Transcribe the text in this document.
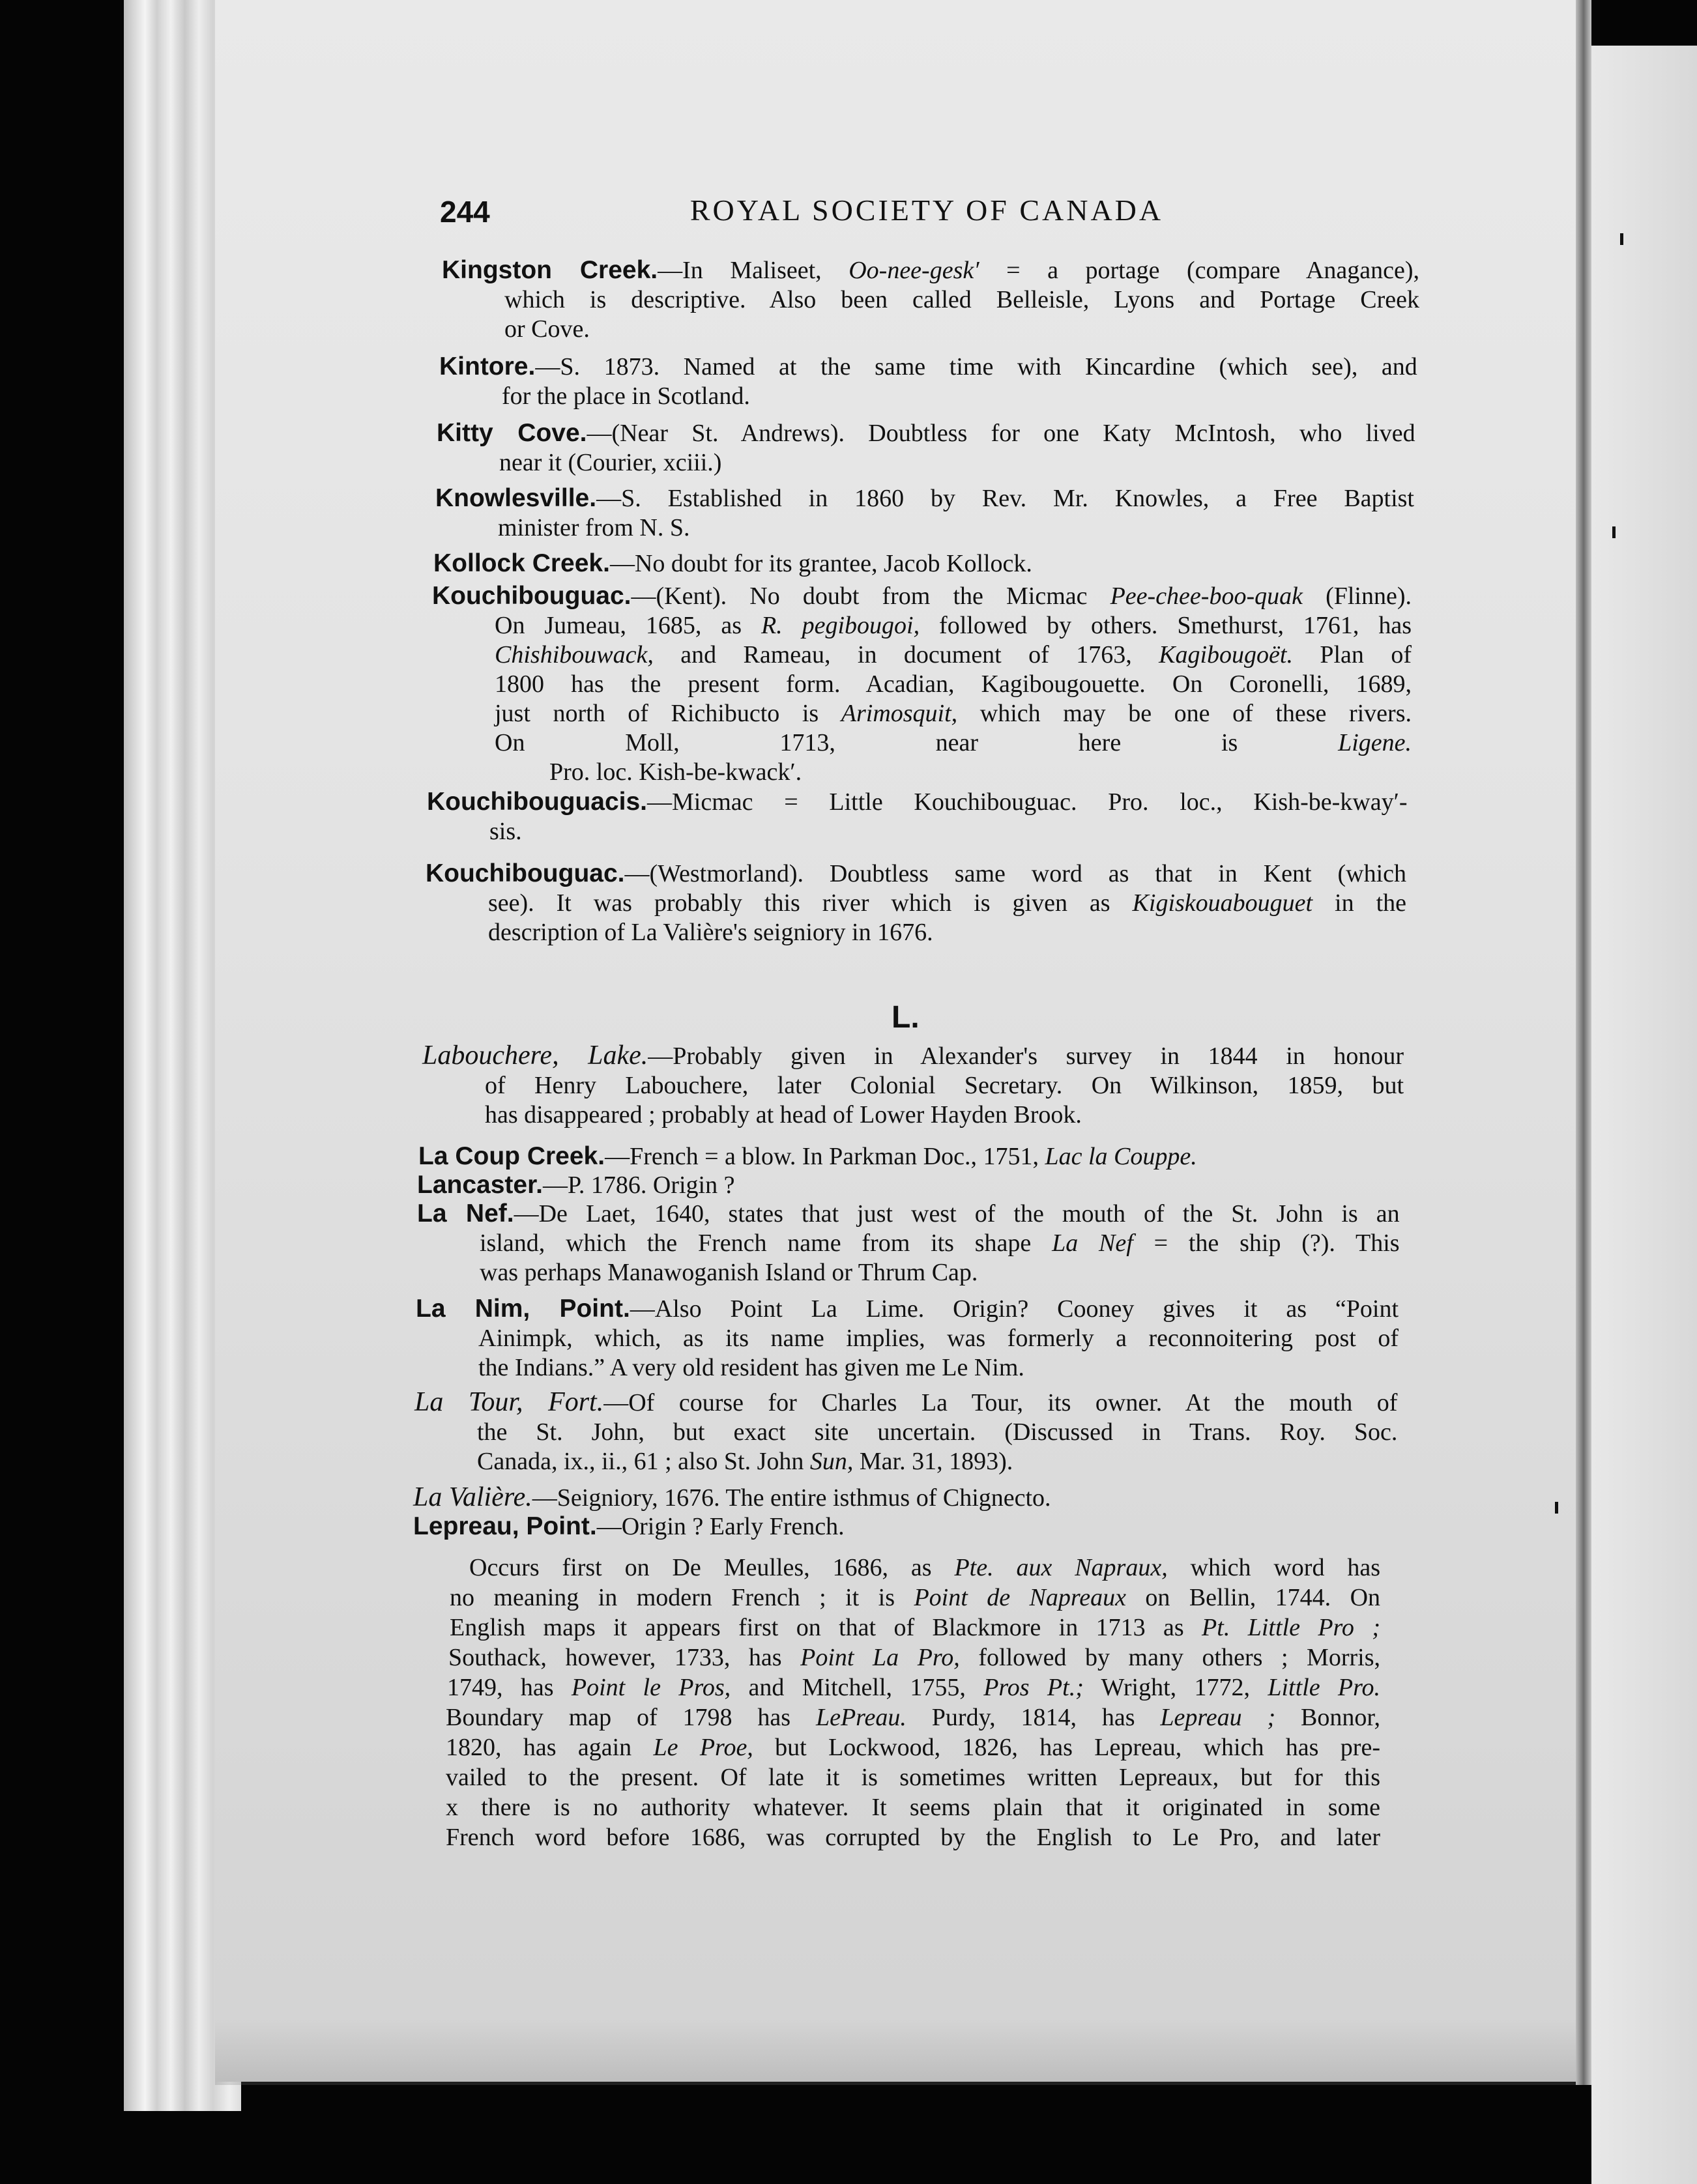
244	ROYAL SOCIETY OF CANADA
Kingston Creek.—In Maliseet, Oo-nee-gesk′ = a portage (compare Anagance),
which is descriptive. Also been called Belleisle, Lyons and Portage Creek
or Cove.
Kintore.—S. 1873. Named at the same time with Kincardine (which see), and
for the place in Scotland.
Kitty Cove.—(Near St. Andrews). Doubtless for one Katy McIntosh, who lived
near it (Courier, xciii.)
Knowlesville.—S. Established in 1860 by Rev. Mr. Knowles, a Free Baptist
minister from N. S.
Kollock Creek.—No doubt for its grantee, Jacob Kollock.
Kouchibouguac.—(Kent). No doubt from the Micmac Pee-chee-boo-quak (Flinne).
On Jumeau, 1685, as R. pegibougoi, followed by others. Smethurst, 1761, has
Chishibouwack, and Rameau, in document of 1763, Kagibougoët. Plan of
1800 has the present form. Acadian, Kagibougouette. On Coronelli, 1689,
just north of Richibucto is Arimosquit, which may be one of these rivers.
On Moll, 1713, near here is Ligene.
Pro. loc. Kish-be-kwack′.
Kouchibouguacis.—Micmac = Little Kouchibouguac. Pro. loc., Kish-be-kway′-
sis.
Kouchibouguac.—(Westmorland). Doubtless same word as that in Kent (which
see). It was probably this river which is given as Kigiskouabouguet in the
description of La Valière's seigniory in 1676.
L.
Labouchere, Lake.—Probably given in Alexander's survey in 1844 in honour
of Henry Labouchere, later Colonial Secretary. On Wilkinson, 1859, but
has disappeared ; probably at head of Lower Hayden Brook.
La Coup Creek.—French = a blow. In Parkman Doc., 1751, Lac la Couppe.
Lancaster.—P. 1786. Origin ?
La Nef.—De Laet, 1640, states that just west of the mouth of the St. John is an
island, which the French name from its shape La Nef = the ship (?). This
was perhaps Manawoganish Island or Thrum Cap.
La Nim, Point.—Also Point La Lime. Origin? Cooney gives it as “Point
Ainimpk, which, as its name implies, was formerly a reconnoitering post of
the Indians.” A very old resident has given me Le Nim.
La Tour, Fort.—Of course for Charles La Tour, its owner. At the mouth of
the St. John, but exact site uncertain. (Discussed in Trans. Roy. Soc.
Canada, ix., ii., 61 ; also St. John Sun, Mar. 31, 1893).
La Valière.—Seigniory, 1676. The entire isthmus of Chignecto.
Lepreau, Point.—Origin ? Early French.
Occurs first on De Meulles, 1686, as Pte. aux Napraux, which word has
no meaning in modern French ; it is Point de Napreaux on Bellin, 1744. On
English maps it appears first on that of Blackmore in 1713 as Pt. Little Pro ;
Southack, however, 1733, has Point La Pro, followed by many others ; Morris,
1749, has Point le Pros, and Mitchell, 1755, Pros Pt.; Wright, 1772, Little Pro.
Boundary map of 1798 has LePreau. Purdy, 1814, has Lepreau ; Bonnor,
1820, has again Le Proe, but Lockwood, 1826, has Lepreau, which has pre-
vailed to the present. Of late it is sometimes written Lepreaux, but for this
x there is no authority whatever. It seems plain that it originated in some
French word before 1686, was corrupted by the English to Le Pro, and later
